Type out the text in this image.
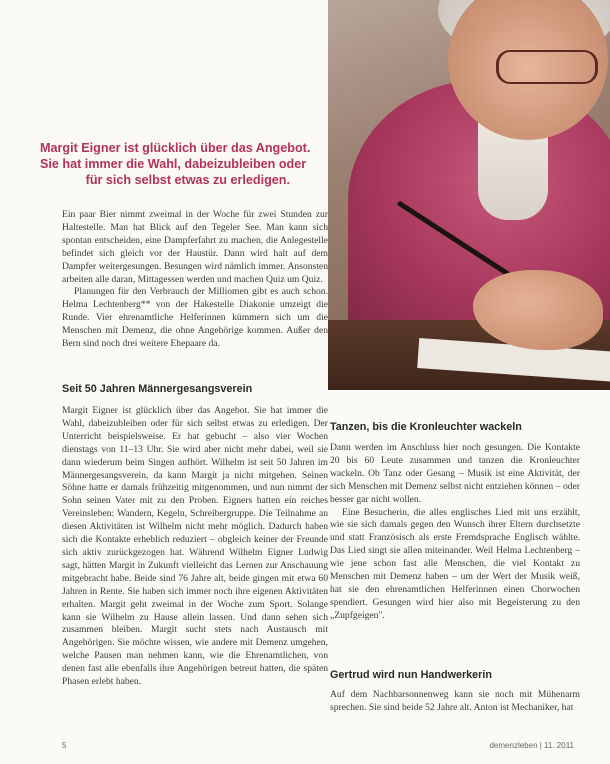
Margit Eigner ist glücklich über das Angebot.
Sie hat immer die Wahl, dabeizubleiben oder
für sich selbst etwas zu erledigen.

Ein paar Bier nimmt zweimal in der Woche für zwei Stunden zur Haltestelle. Man hat Blick auf den Tegeler See. Man kann sich spontan entscheiden, eine Dampferfahrt zu machen, die Anlegestelle befindet sich gleich vor der Haustür. Dann wird halt auf dem Dampfer weitergesungen. Besungen wird nämlich immer. Ansonsten arbeiten alle daran, Mittagessen werden und machen Quiz um Quiz.

Planungen für den Verbrauch der Milliomen gibt es auch schon. Helma Lechtenberg** von der Hakestelle Diakonie umzeigt die Runde. Vier ehrenamtliche Helferinnen kümmern sich um die Menschen mit Demenz, die ohne Angehörige kommen. Außer den Bern sind noch drei weitere Ehepaare da.

Seit 50 Jahren Männergesangsverein

Margit Eigner ist glücklich über das Angebot. Sie hat immer die Wahl, dabeizubleiben oder für sich selbst etwas zu erledigen. Der Unterricht beispielsweise. Er hat gebucht – also vier Wochen dienstags von 11–13 Uhr. Sie wird aber nicht mehr dabei, weil sie dann wiederum beim Singen aufhört. Wilhelm ist seit 50 Jahren im Männergesangsverein, da kann Margit ja nicht mitgehen. Seinen Söhne hatte er damals frühzeitig mitgenommen, und nun nimmt der Sohn seinen Vater mit zu den Proben. Eigners hatten ein reiches Vereinsleben: Wandern, Kegeln, Schreibergruppe. Die Teilnahme an diesen Aktivitäten ist Wilhelm nicht mehr möglich. Dadurch haben sich die Kontakte erheblich reduziert – obgleich keiner der Freunde sich aktiv zurückgezogen hat. Während Wilhelm Eigner Ludwig sagt, hätten Margit in Zukunft vielleicht das Lernen zur Anschauung mitgebracht habe. Beide sind 76 Jahre alt, beide gingen mit etwa 60 Jahren in Rente. Sie haben sich immer noch ihre eigenen Aktivitäten erhalten. Margit geht zweimal in der Woche zum Sport. Solange kann sie Wilhelm zu Hause allein lassen. Und dann sehen sich zusammen bleiben. Margit sucht stets nach Austausch mit Angehörigen. Sie möchte wissen, wie andere mit Demenz umgehen, welche Pausen man nehmen kann, wie die Ehrenamtlichen, von denen fast alle ebenfalls ihre Angehörigen betreut hatten, die späten Phasen erlebt haben.

Tanzen, bis die Kronleuchter wackeln

Dann werden im Anschluss hier noch gesungen. Die Kontakte 20 bis 60 Leute zusammen und tanzen die Kronleuchter wackeln. Ob Tanz oder Gesang – Musik ist eine Aktivität, der sich Menschen mit Demenz selbst nicht entziehen können – oder besser gar nicht wollen.

Eine Besucherin, die alles englisches Lied mit uns erzählt, wie sie sich damals gegen den Wunsch ihrer Eltern durchsetzte und statt Französisch als erste Fremdsprache Englisch wählte. Das Lied singt sie allen miteinander. Weil Helma Lechtenberg – wie jene schon fast alle Menschen, die viel Kontakt zu Menschen mit Demenz haben – um der Wert der Musik weiß, hat sie den ehrenamtlichen Helferinnen einen Chorwochen spendiert. Gesungen wird hier also mit Begeisterung zu den „Zupfgeigen".

Gertrud wird nun Handwerkerin

Auf dem Nachbarsonnenweg kann sie noch mit Mühenarm sprechen. Sie sind beide 52 Jahre alt. Anton ist Mechaniker, hat

5	demenzleben | 11. 2011
